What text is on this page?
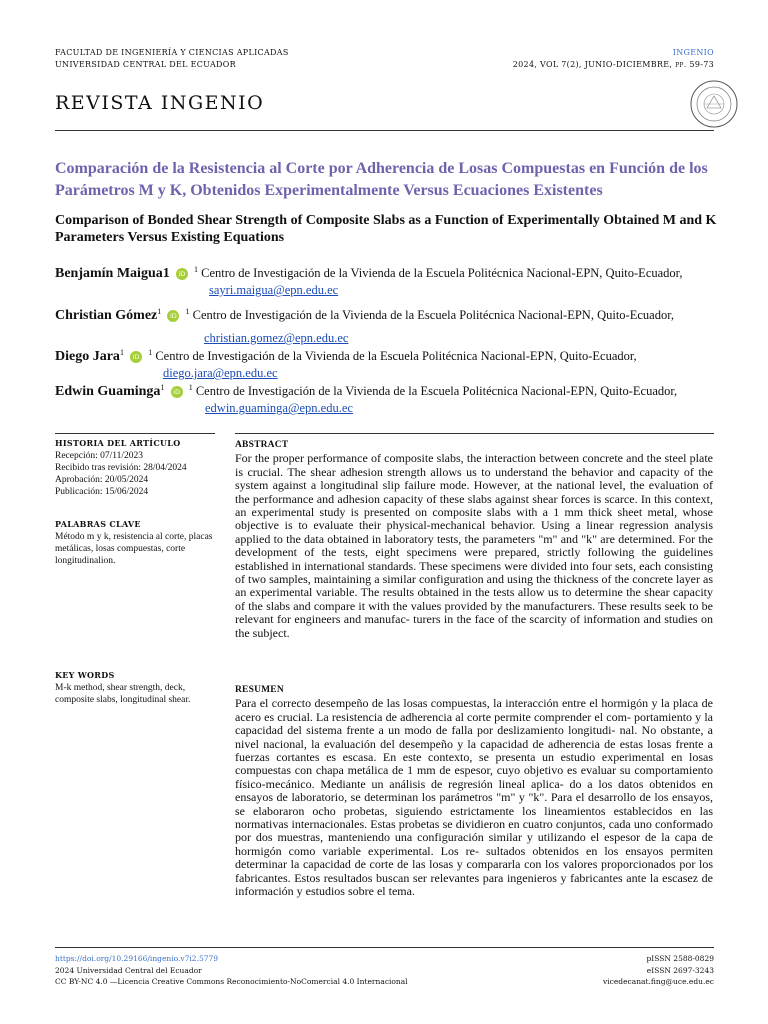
FACULTAD DE INGENIERÍA Y CIENCIAS APLICADAS
UNIVERSIDAD CENTRAL DEL ECUADOR
INGENIO
2024, VOL 7(2), JUNIO-DICIEMBRE, pp. 59-73
REVISTA INGENIO
Comparación de la Resistencia al Corte por Adherencia de Losas Compuestas en Función de los Parámetros M y K, Obtenidos Experimentalmente Versus Ecuaciones Existentes
Comparison of Bonded Shear Strength of Composite Slabs as a Function of Experimentally Obtained M and K Parameters Versus Existing Equations
Benjamín Maigua1 iD $^1$ Centro de Investigación de la Vivienda de la Escuela Politécnica Nacional-EPN, Quito-Ecuador,
sayri.maigua@epn.edu.ec
Christian Gómez$^1$ iD $^1$ Centro de Investigación de la Vivienda de la Escuela Politécnica Nacional-EPN, Quito-Ecuador,
christian.gomez@epn.edu.ec
Diego Jara$^1$ iD $^1$ Centro de Investigación de la Vivienda de la Escuela Politécnica Nacional-EPN, Quito-Ecuador,
diego.jara@epn.edu.ec
Edwin Guaminga$^1$ iD $^1$ Centro de Investigación de la Vivienda de la Escuela Politécnica Nacional-EPN, Quito-Ecuador,
edwin.guaminga@epn.edu.ec
HISTORIA DEL ARTÍCULO
Recepción: 07/11/2023
Recibido tras revisión: 28/04/2024
Aprobación: 20/05/2024
Publicación: 15/06/2024
PALABRAS CLAVE
Método m y k, resistencia al corte, placas metálicas, losas compuestas, corte longitudinalion.
KEY WORDS
M-k method, shear strength, deck, composite slabs, longitudinal shear.
ABSTRACT
For the proper performance of composite slabs, the interaction between concrete and the steel plate is crucial. The shear adhesion strength allows us to understand the behavior and capacity of the system against a longitudinal slip failure mode. However, at the national level, the evaluation of the performance and adhesion capacity of these slabs against shear forces is scarce. In this context, an experimental study is presented on composite slabs with a 1 mm thick sheet metal, whose objective is to evaluate their physical-mechanical behavior. Using a linear regression analysis applied to the data obtained in laboratory tests, the parameters "m" and "k" are determined. For the development of the tests, eight specimens were prepared, strictly following the guidelines established in international standards. These specimens were divided into four sets, each consisting of two samples, maintaining a similar configuration and using the thickness of the concrete layer as an experimental variable. The results obtained in the tests allow us to determine the shear capacity of the slabs and compare it with the values provided by the manufacturers. These results seek to be relevant for engineers and manufac- turers in the face of the scarcity of information and studies on the subject.
RESUMEN
Para el correcto desempeño de las losas compuestas, la interacción entre el hormigón y la placa de acero es crucial. La resistencia de adherencia al corte permite comprender el com- portamiento y la capacidad del sistema frente a un modo de falla por deslizamiento longitudi- nal. No obstante, a nivel nacional, la evaluación del desempeño y la capacidad de adherencia de estas losas frente a fuerzas cortantes es escasa. En este contexto, se presenta un estudio experimental en losas compuestas con chapa metálica de 1 mm de espesor, cuyo objetivo es evaluar su comportamiento físico-mecánico. Mediante un análisis de regresión lineal aplica- do a los datos obtenidos en ensayos de laboratorio, se determinan los parámetros "m" y "k". Para el desarrollo de los ensayos, se elaboraron ocho probetas, siguiendo estrictamente los lineamientos establecidos en las normativas internacionales. Estas probetas se dividieron en cuatro conjuntos, cada uno conformado por dos muestras, manteniendo una configuración similar y utilizando el espesor de la capa de hormigón como variable experimental. Los re- sultados obtenidos en los ensayos permiten determinar la capacidad de corte de las losas y compararla con los valores proporcionados por los fabricantes. Estos resultados buscan ser relevantes para ingenieros y fabricantes ante la escasez de información y estudios sobre el tema.
https://doi.org/10.29166/ingenio.v7i2.5779
2024 Universidad Central del Ecuador
CC BY-NC 4.0 —Licencia Creative Commons Reconocimiento-NoComercial 4.0 Internacional
pISSN 2588-0829
eISSN 2697-3243
vicedecanat.fing@uce.edu.ec
